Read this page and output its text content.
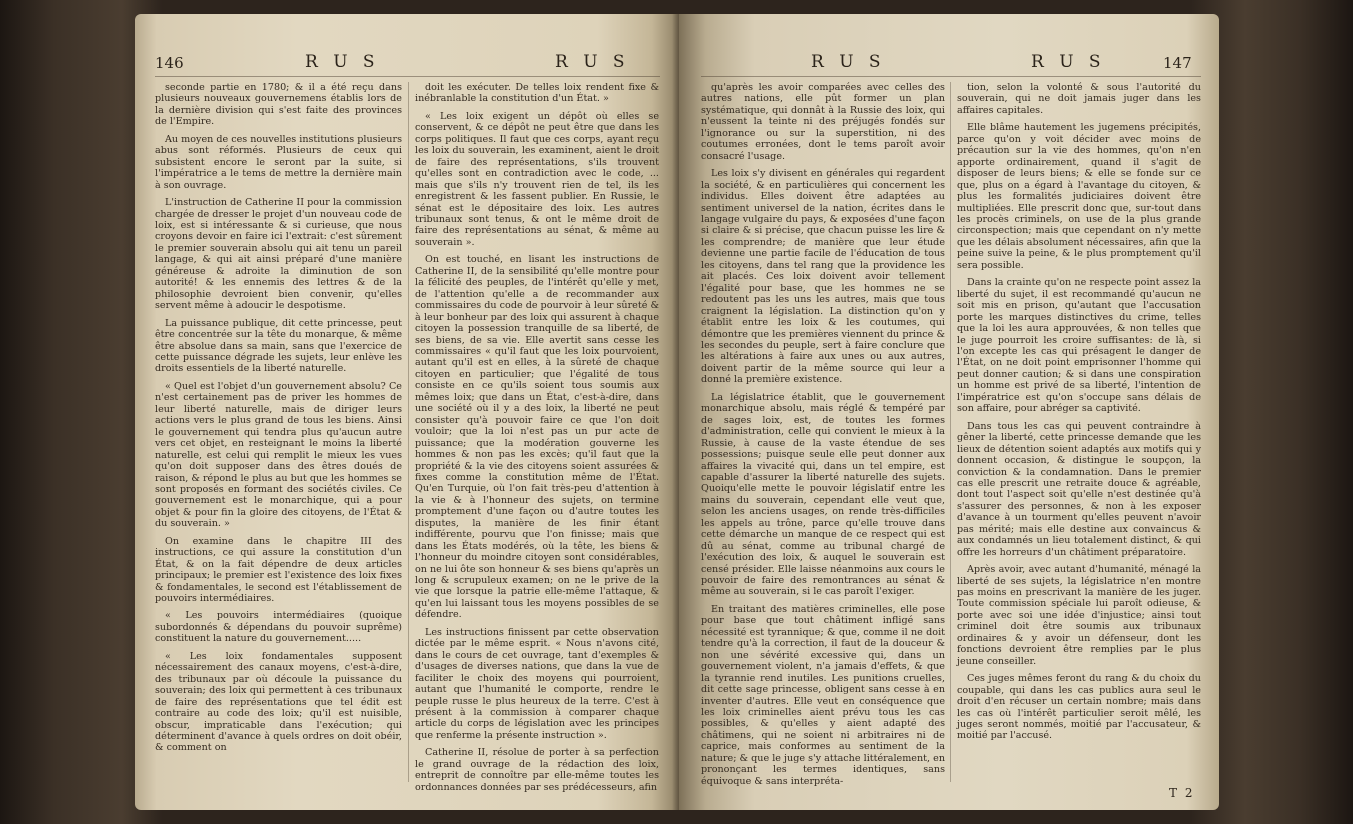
146	R U S	R U S

seconde partie en 1780; & il a été reçu dans plusieurs nouveaux gouvernemens établis lors de la dernière division qui s'est faite des provinces de l'Empire.

Au moyen de ces nouvelles institutions plusieurs abus sont réformés. Plusieurs de ceux qui subsistent encore le seront par la suite, si l'impératrice a le tems de mettre la dernière main à son ouvrage.

L'instruction de Catherine II pour la commission chargée de dresser le projet d'un nouveau code de loix, est si intéressante & si curieuse, que nous croyons devoir en faire ici l'extrait: c'est sûrement le premier souverain absolu qui ait tenu un pareil langage, & qui ait ainsi préparé d'une manière généreuse & adroite la diminution de son autorité! & les ennemis des lettres & de la philosophie devroient bien convenir, qu'elles servent même à adoucir le despotisme.

La puissance publique, dit cette princesse, peut être concentrée sur la tête du monarque, & même être absolue dans sa main, sans que l'exercice de cette puissance dégrade les sujets, leur enlève les droits essentiels de la liberté naturelle.

« Quel est l'objet d'un gouvernement absolu? Ce n'est certainement pas de priver les hommes de leur liberté naturelle, mais de diriger leurs actions vers le plus grand de tous les biens. Ainsi le gouvernement qui tendra plus qu'aucun autre vers cet objet, en resteignant le moins la liberté naturelle, est celui qui remplit le mieux les vues qu'on doit supposer dans des êtres doués de raison, & répond le plus au but que les hommes se sont proposés en formant des sociétés civiles. Ce gouvernement est le monarchique, qui a pour objet & pour fin la gloire des citoyens, de l'État & du souverain. »

On examine dans le chapitre III des instructions, ce qui assure la constitution d'un État, & on la fait dépendre de deux articles principaux; le premier est l'existence des loix fixes & fondamentales, le second est l'établissement de pouvoirs intermédiaires.

« Les pouvoirs intermédiaires (quoique subordonnés & dépendans du pouvoir suprême) constituent la nature du gouvernement.....

« Les loix fondamentales supposent nécessairement des canaux moyens, c'est-à-dire, des tribunaux par où découle la puissance du souverain; des loix qui permettent à ces tribunaux de faire des représentations que tel édit est contraire au code des loix; qu'il est nuisible, obscur, impraticable dans l'exécution; qui déterminent d'avance à quels ordres on doit obéir, & comment on

doit les exécuter. De telles loix rendent fixe & inébranlable la constitution d'un État. »

« Les loix exigent un dépôt où elles se conservent, & ce dépôt ne peut être que dans les corps politiques. Il faut que ces corps, ayant reçu les loix du souverain, les examinent, aient le droit de faire des représentations, s'ils trouvent qu'elles sont en contradiction avec le code, ... mais que s'ils n'y trouvent rien de tel, ils les enregistrent & les fassent publier. En Russie, le sénat est le dépositaire des loix. Les autres tribunaux sont tenus, & ont le même droit de faire des représentations au sénat, & même au souverain ».

On est touché, en lisant les instructions de Catherine II, de la sensibilité qu'elle montre pour la félicité des peuples, de l'intérêt qu'elle y met, de l'attention qu'elle a de recommander aux commissaires du code de pourvoir à leur sûreté & à leur bonheur par des loix qui assurent à chaque citoyen la possession tranquille de sa liberté, de ses biens, de sa vie. Elle avertit sans cesse les commissaires « qu'il faut que les loix pourvoient, autant qu'il est en elles, à la sûreté de chaque citoyen en particulier; que l'égalité de tous consiste en ce qu'ils soient tous soumis aux mêmes loix; que dans un État, c'est-à-dire, dans une société où il y a des loix, la liberté ne peut consister qu'à pouvoir faire ce que l'on doit vouloir; que la loi n'est pas un pur acte de puissance; que la modération gouverne les hommes & non pas les excès; qu'il faut que la propriété & la vie des citoyens soient assurées & fixes comme la constitution même de l'État. Qu'en Turquie, où l'on fait très-peu d'attention à la vie & à l'honneur des sujets, on termine promptement d'une façon ou d'autre toutes les disputes, la manière de les finir étant indifférente, pourvu que l'on finisse; mais que dans les États modérés, où la tête, les biens & l'honneur du moindre citoyen sont considérables, on ne lui ôte son honneur & ses biens qu'après un long & scrupuleux examen; on ne le prive de la vie que lorsque la patrie elle-même l'attaque, & qu'en lui laissant tous les moyens possibles de se défendre.

Les instructions finissent par cette observation dictée par le même esprit. « Nous n'avons cité, dans le cours de cet ouvrage, tant d'exemples & d'usages de diverses nations, que dans la vue de faciliter le choix des moyens qui pourroient, autant que l'humanité le comporte, rendre le peuple russe le plus heureux de la terre. C'est à présent à la commission à comparer chaque article du corps de législation avec les principes que renferme la présente instruction ».

Catherine II, résolue de porter à sa perfection le grand ouvrage de la rédaction des loix, entreprit de connoître par elle-même toutes les ordonnances données par ses prédécesseurs, afin

R U S	R U S	147

qu'après les avoir comparées avec celles des autres nations, elle pût former un plan systématique, qui donnât à la Russie des loix, qui n'eussent la teinte ni des préjugés fondés sur l'ignorance ou sur la superstition, ni des coutumes erronées, dont le tems paroît avoir consacré l'usage.

Les loix s'y divisent en générales qui regardent la société, & en particulières qui concernent les individus. Elles doivent être adaptées au sentiment universel de la nation, écrites dans le langage vulgaire du pays, & exposées d'une façon si claire & si précise, que chacun puisse les lire & les comprendre; de manière que leur étude devienne une partie facile de l'éducation de tous les citoyens, dans tel rang que la providence les ait placés. Ces loix doivent avoir tellement l'égalité pour base, que les hommes ne se redoutent pas les uns les autres, mais que tous craignent la législation. La distinction qu'on y établit entre les loix & les coutumes, qui démontre que les premières viennent du prince & les secondes du peuple, sert à faire conclure que les altérations à faire aux unes ou aux autres, doivent partir de la même source qui leur a donné la première existence.

La législatrice établit, que le gouvernement monarchique absolu, mais réglé & tempéré par de sages loix, est, de toutes les formes d'administration, celle qui convient le mieux à la Russie, à cause de la vaste étendue de ses possessions; puisque seule elle peut donner aux affaires la vivacité qui, dans un tel empire, est capable d'assurer la liberté naturelle des sujets. Quoiqu'elle mette le pouvoir législatif entre les mains du souverain, cependant elle veut que, selon les anciens usages, on rende très-difficiles les appels au trône, parce qu'elle trouve dans cette démarche un manque de ce respect qui est dû au sénat, comme au tribunal chargé de l'exécution des loix, & auquel le souverain est censé présider. Elle laisse néanmoins aux cours le pouvoir de faire des remontrances au sénat & même au souverain, si le cas paroît l'exiger.

En traitant des matières criminelles, elle pose pour base que tout châtiment infligé sans nécessité est tyrannique; & que, comme il ne doit tendre qu'à la correction, il faut de la douceur & non une sévérité excessive qui, dans un gouvernement violent, n'a jamais d'effets, & que la tyrannie rend inutiles. Les punitions cruelles, dit cette sage princesse, obligent sans cesse à en inventer d'autres. Elle veut en conséquence que les loix criminelles aient prévu tous les cas possibles, & qu'elles y aient adapté des châtimens, qui ne soient ni arbitraires ni de caprice, mais conformes au sentiment de la nature; & que le juge s'y attache littéralement, en prononçant les termes identiques, sans équivoque & sans interpréta-

tion, selon la volonté & sous l'autorité du souverain, qui ne doit jamais juger dans les affaires capitales.

Elle blâme hautement les jugemens précipités, parce qu'on y voit décider avec moins de précaution sur la vie des hommes, qu'on n'en apporte ordinairement, quand il s'agit de disposer de leurs biens; & elle se fonde sur ce que, plus on a égard à l'avantage du citoyen, & plus les formalités judiciaires doivent être multipliées. Elle prescrit donc que, sur-tout dans les procès criminels, on use de la plus grande circonspection; mais que cependant on n'y mette que les délais absolument nécessaires, afin que la peine suive la peine, & le plus promptement qu'il sera possible.

Dans la crainte qu'on ne respecte point assez la liberté du sujet, il est recommandé qu'aucun ne soit mis en prison, qu'autant que l'accusation porte les marques distinctives du crime, telles que la loi les aura approuvées, & non telles que le juge pourroit les croire suffisantes: de là, si l'on excepte les cas qui présagent le danger de l'État, on ne doit point emprisonner l'homme qui peut donner caution; & si dans une conspiration un homme est privé de sa liberté, l'intention de l'impératrice est qu'on s'occupe sans délais de son affaire, pour abréger sa captivité.

Dans tous les cas qui peuvent contraindre à gêner la liberté, cette princesse demande que les lieux de détention soient adaptés aux motifs qui y donnent occasion, & distingue le soupçon, la conviction & la condamnation. Dans le premier cas elle prescrit une retraite douce & agréable, dont tout l'aspect soit qu'elle n'est destinée qu'à s'assurer des personnes, & non à les exposer d'avance à un tourment qu'elles peuvent n'avoir pas mérité; mais elle destine aux convaincus & aux condamnés un lieu totalement distinct, & qui offre les horreurs d'un châtiment préparatoire.

Après avoir, avec autant d'humanité, ménagé la liberté de ses sujets, la législatrice n'en montre pas moins en prescrivant la manière de les juger. Toute commission spéciale lui paroît odieuse, & porte avec soi une idée d'injustice; ainsi tout criminel doit être soumis aux tribunaux ordinaires & y avoir un défenseur, dont les fonctions devroient être remplies par le plus jeune conseiller.

Ces juges mêmes feront du rang & du choix du coupable, qui dans les cas publics aura seul le droit d'en récuser un certain nombre; mais dans les cas où l'intérêt particulier seroit mêlé, les juges seront nommés, moitié par l'accusateur, & moitié par l'accusé.

T 2
